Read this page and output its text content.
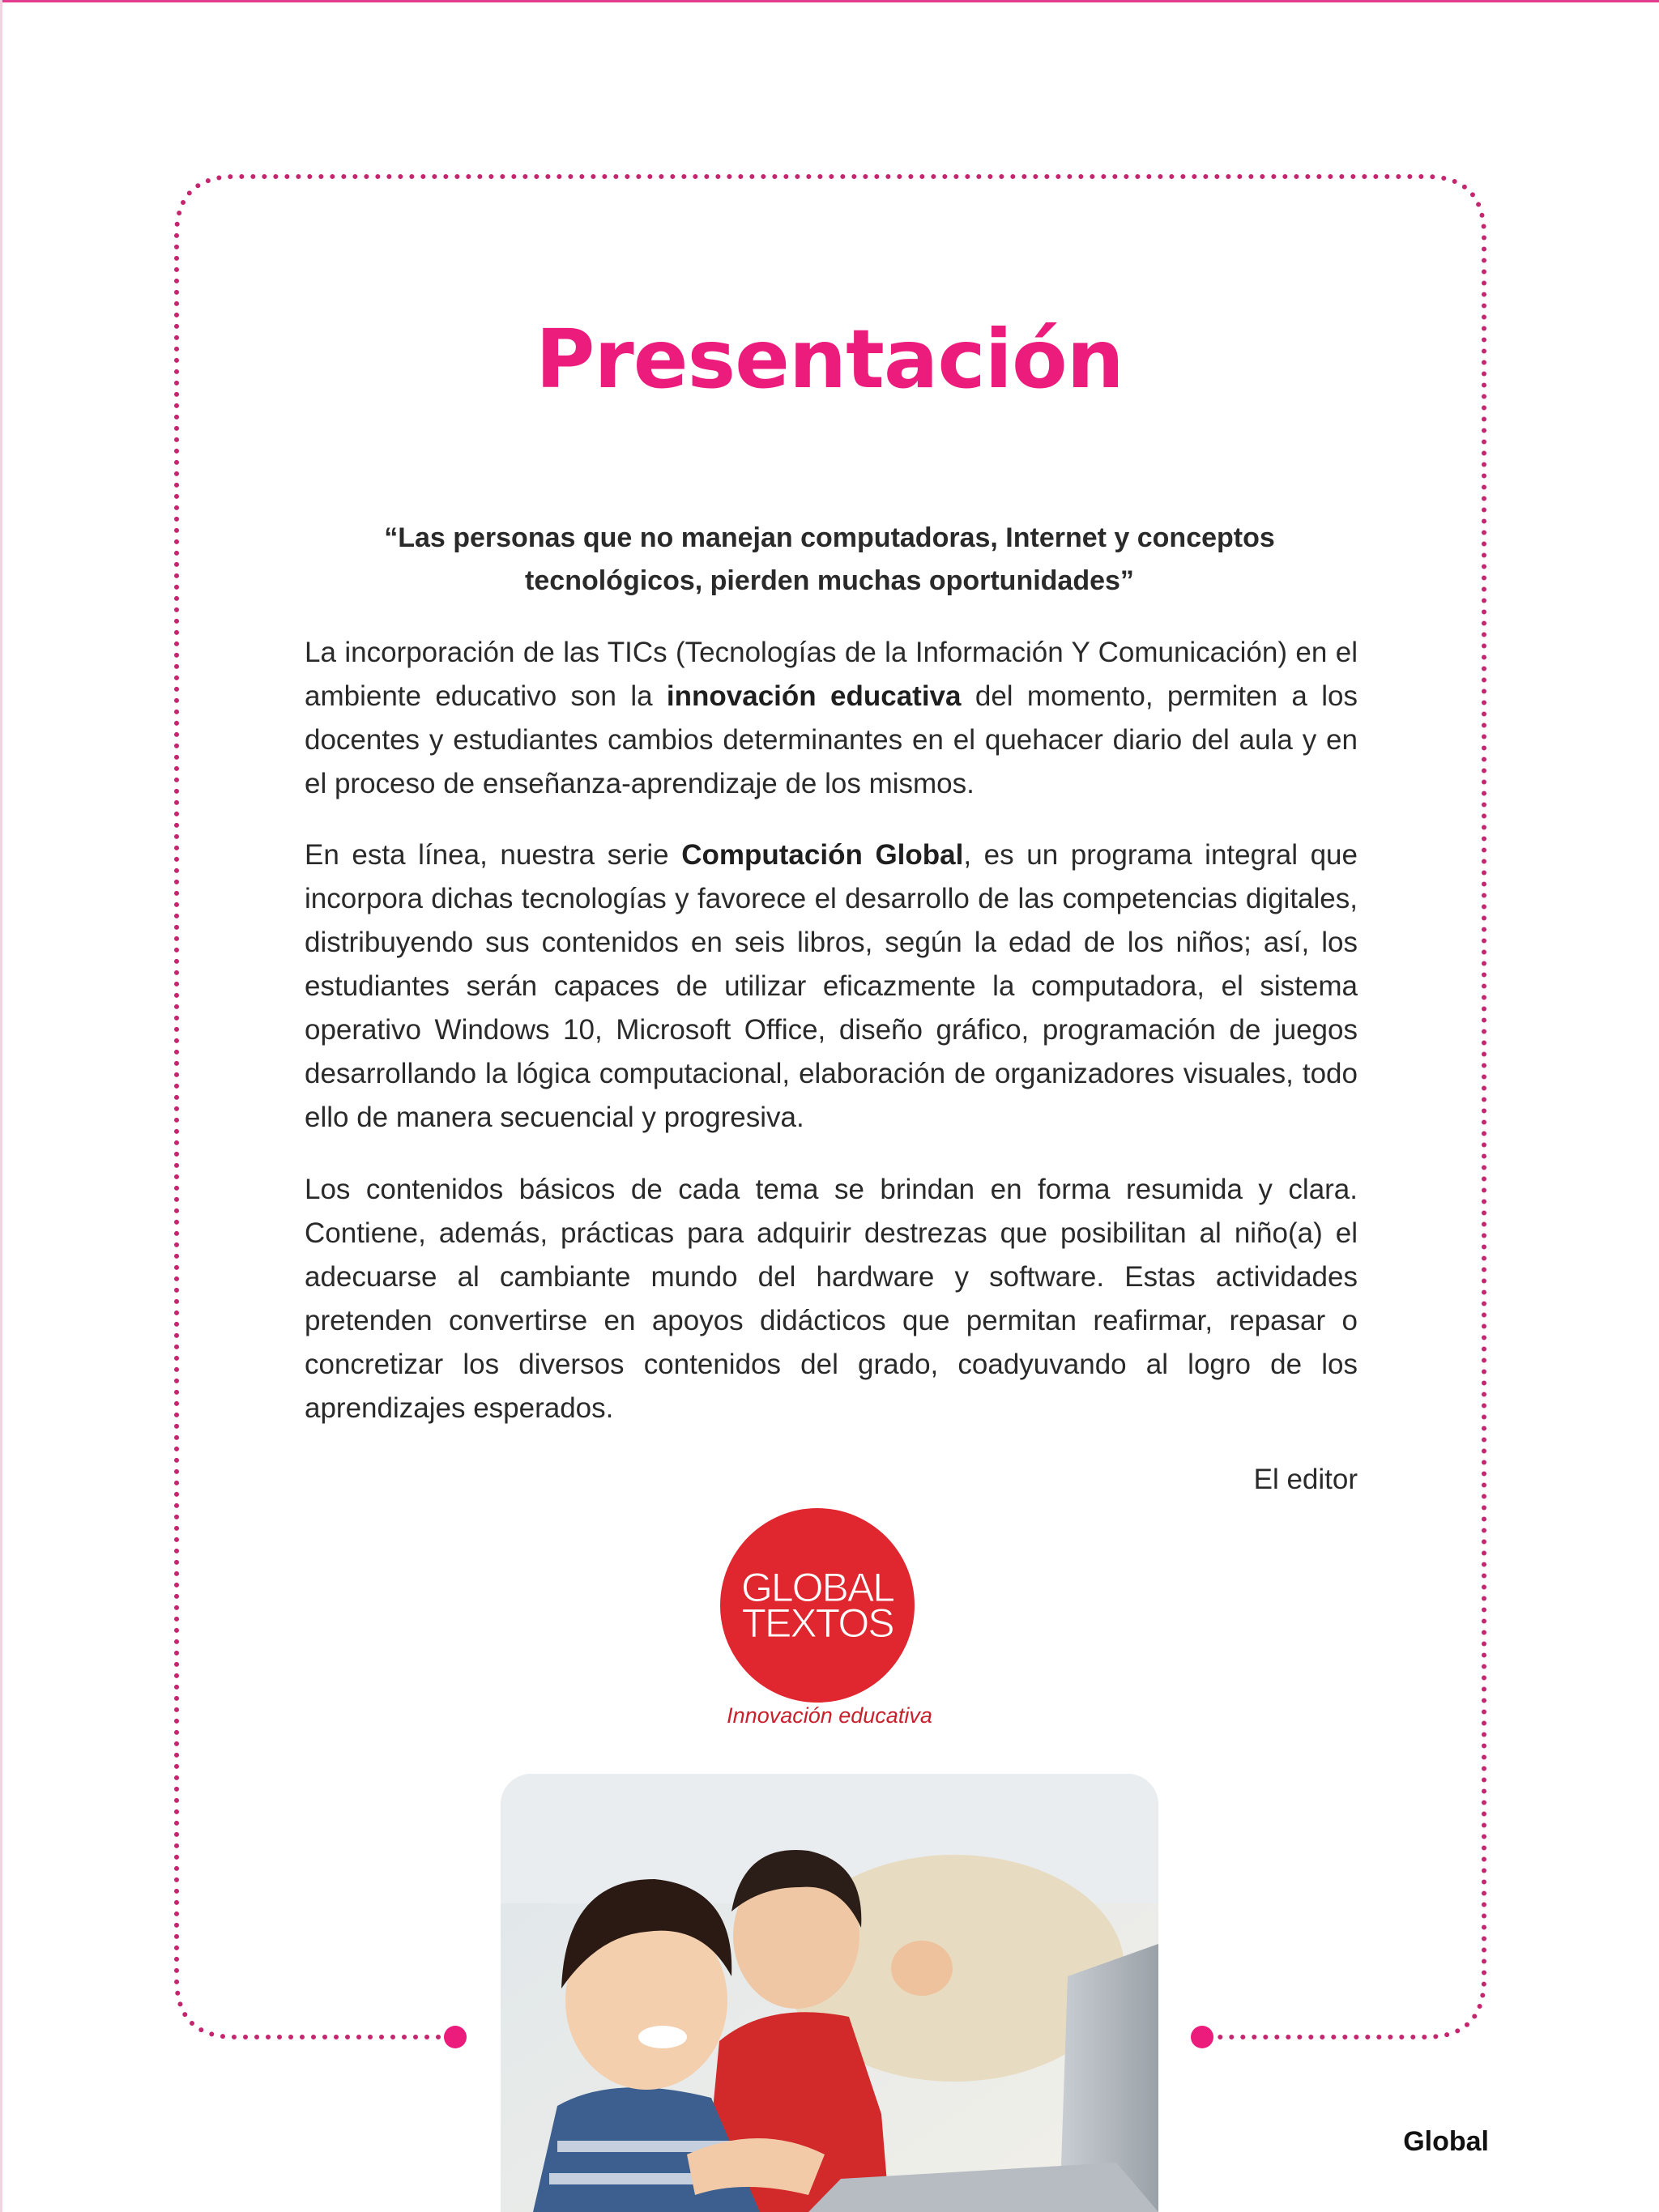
Presentación
“Las personas que no manejan computadoras, Internet y conceptos tecnológicos, pierden muchas oportunidades”

La incorporación de las TICs (Tecnologías de la Información Y Comunicación) en el ambiente educativo son la innovación educativa del momento, permiten a los docentes y estudiantes cambios determinantes en el quehacer diario del aula y en el proceso de enseñanza-aprendizaje de los mismos.

En esta línea, nuestra serie Computación Global, es un programa integral que incorpora dichas tecnologías y favorece el desarrollo de las competencias digitales, distribuyendo sus contenidos en seis libros, según la edad de los niños; así, los estudiantes serán capaces de utilizar eficazmente la computadora, el sistema operativo Windows 10, Microsoft Office, diseño gráfico, programación de juegos desarrollando la lógica computacional, elaboración de organizadores visuales, todo ello de manera secuencial y progresiva.

Los contenidos básicos de cada tema se brindan en forma resumida y clara. Contiene, además, prácticas para adquirir destrezas que posibilitan al niño(a) el adecuarse al cambiante mundo del hardware y software. Estas actividades pretenden convertirse en apoyos didácticos que permitan reafirmar, repasar o concretizar los diversos contenidos del grado, coadyuvando al logro de los aprendizajes esperados.

El editor
GLOBAL
TEXTOS
Innovación educativa
Global
